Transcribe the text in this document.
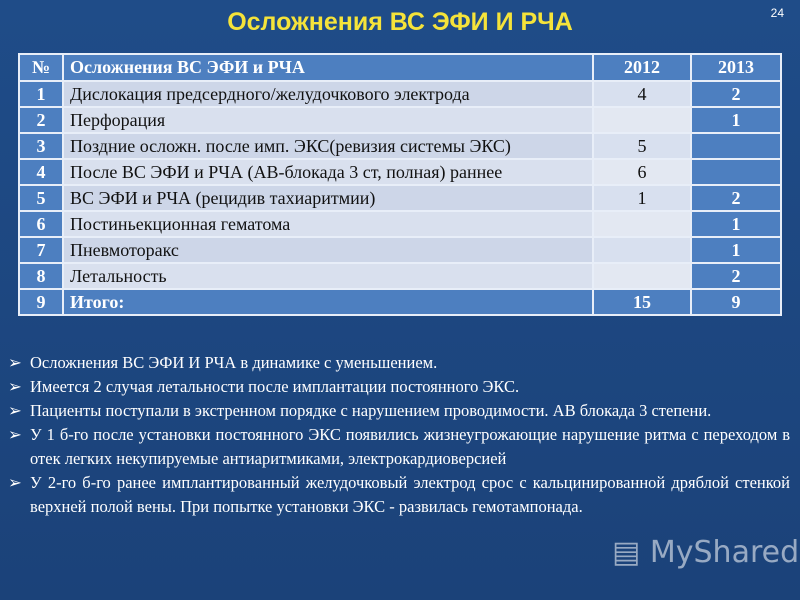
Осложнения ВС ЭФИ И РЧА	24
№	Осложнения ВС ЭФИ и РЧА	2012	2013
1	Дислокация предсердного/желудочкового электрода	4	2
2	Перфорация		1
3	Поздние осложн. после имп. ЭКС(ревизия системы ЭКС)	5	
4	После ВС ЭФИ и РЧА (АВ-блокада 3 ст, полная) раннее	6	
5	ВС ЭФИ и РЧА (рецидив тахиаритмии)	1	2
6	Постиньекционная гематома		1
7	Пневмоторакс		1
8	Летальность		2
9	Итого:	15	9
➢ Осложнения ВС ЭФИ И РЧА в динамике с уменьшением.
➢ Имеется 2 случая летальности после имплантации постоянного ЭКС.
➢ Пациенты поступали в экстренном порядке с нарушением проводимости. АВ блокада 3 степени.
➢ У 1 б-го после установки постоянного ЭКС появились жизнеугрожающие нарушение ритма с переходом в отек легких некупируемые антиаритмиками, электрокардиоверсией
➢ У 2-го б-го ранее имплантированный желудочковый электрод срос с кальцинированной дряблой стенкой верхней полой вены. При попытке установки ЭКС - развилась гемотампонада.
▤ MyShared
